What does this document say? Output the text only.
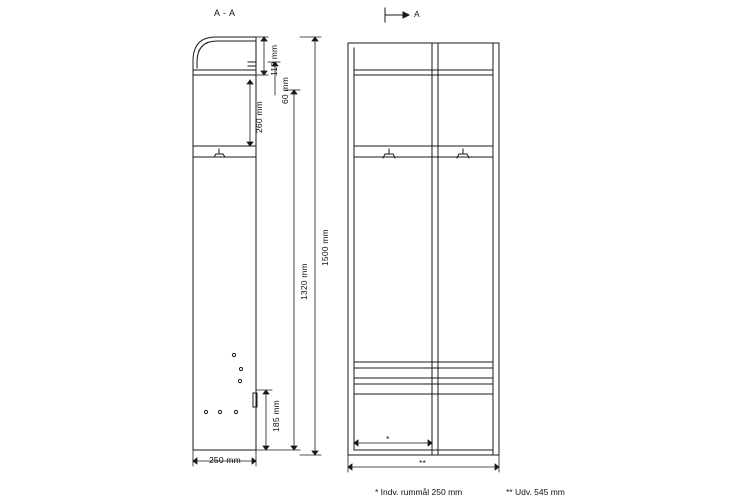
A - A	A
110 mm
60 mm
260 mm
1320 mm
1500 mm
185 mm
250 mm
*
**
* Indv. rummål 250 mm	** Udv. 545 mm
